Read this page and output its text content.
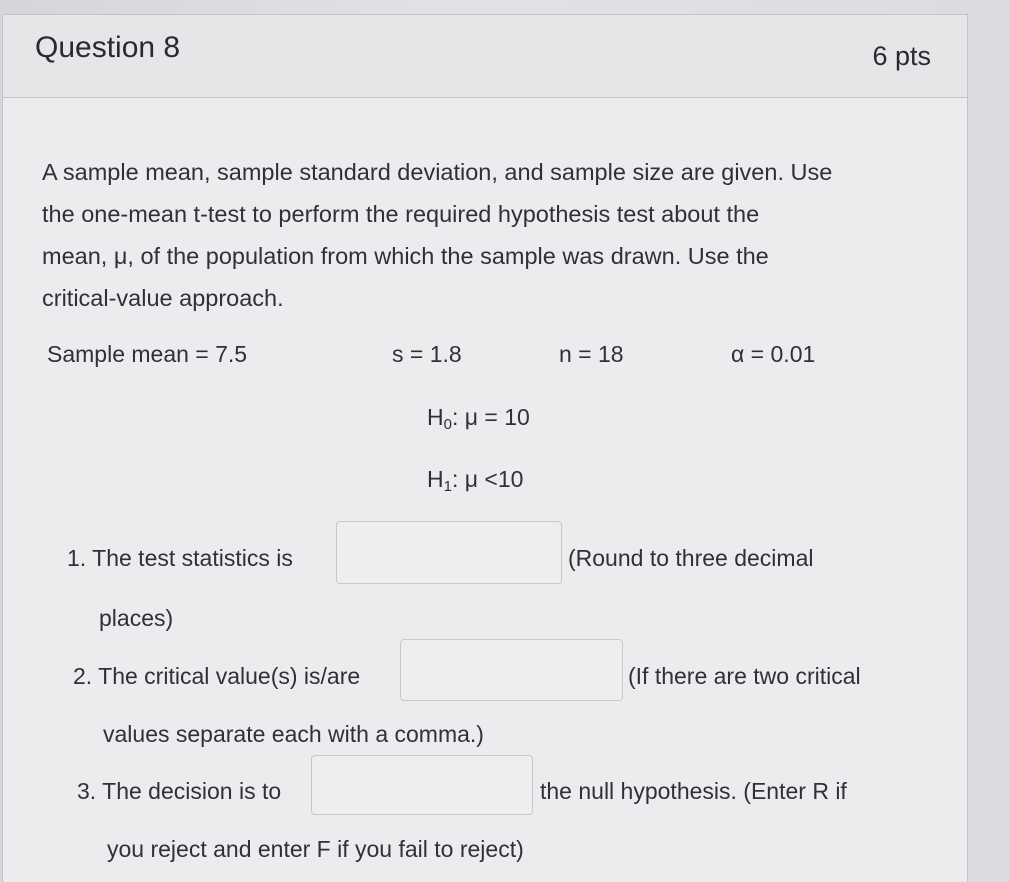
Question 8	6 pts
A sample mean, sample standard deviation, and sample size are given. Use
the one-mean t-test to perform the required hypothesis test about the
mean, μ, of the population from which the sample was drawn. Use the
critical-value approach.
Sample mean = 7.5	s = 1.8	n = 18	α = 0.01
$H_0$: μ = 10
$H_1$: μ <10
1. The test statistics is	(Round to three decimal
places)
2. The critical value(s) is/are	(If there are two critical
values separate each with a comma.)
3. The decision is to	the null hypothesis. (Enter R if
you reject and enter F if you fail to reject)
